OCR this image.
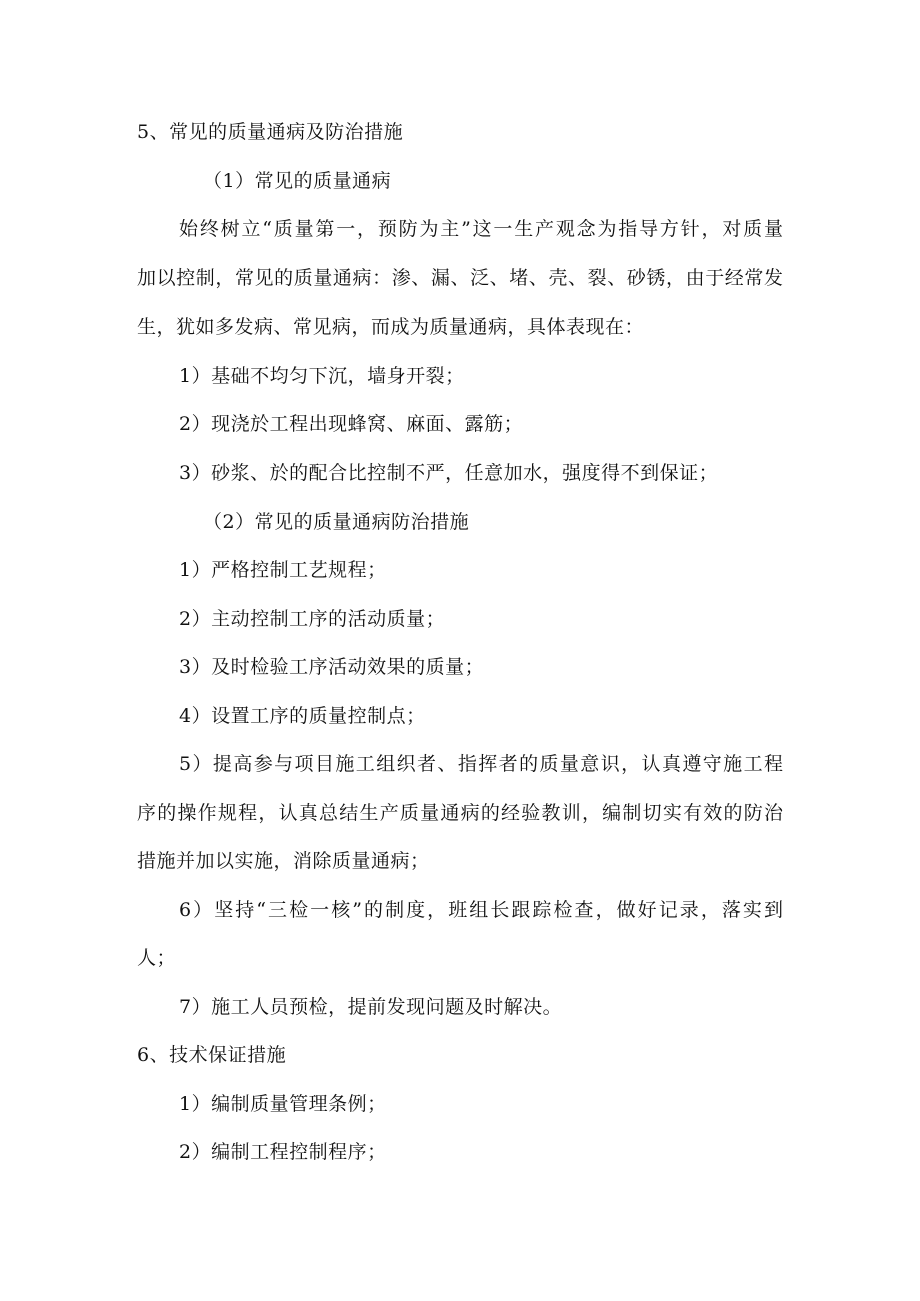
5、常见的质量通病及防治措施
（1）常见的质量通病
始终树立“质量第一，预防为主”这一生产观念为指导方针，对质量
加以控制，常见的质量通病：渗、漏、泛、堵、壳、裂、砂锈，由于经常发
生，犹如多发病、常见病，而成为质量通病，具体表现在：
1）基础不均匀下沉，墙身开裂；
2）现浇於工程出现蜂窝、麻面、露筋；
3）砂浆、於的配合比控制不严，任意加水，强度得不到保证；
（2）常见的质量通病防治措施
1）严格控制工艺规程；
2）主动控制工序的活动质量；
3）及时检验工序活动效果的质量；
4）设置工序的质量控制点；
5）提高参与项目施工组织者、指挥者的质量意识，认真遵守施工程
序的操作规程，认真总结生产质量通病的经验教训，编制切实有效的防治
措施并加以实施，消除质量通病；
6）坚持“三检一核”的制度，班组长跟踪检查，做好记录，落实到
人；
7）施工人员预检，提前发现问题及时解决。
6、技术保证措施
1）编制质量管理条例；
2）编制工程控制程序；
